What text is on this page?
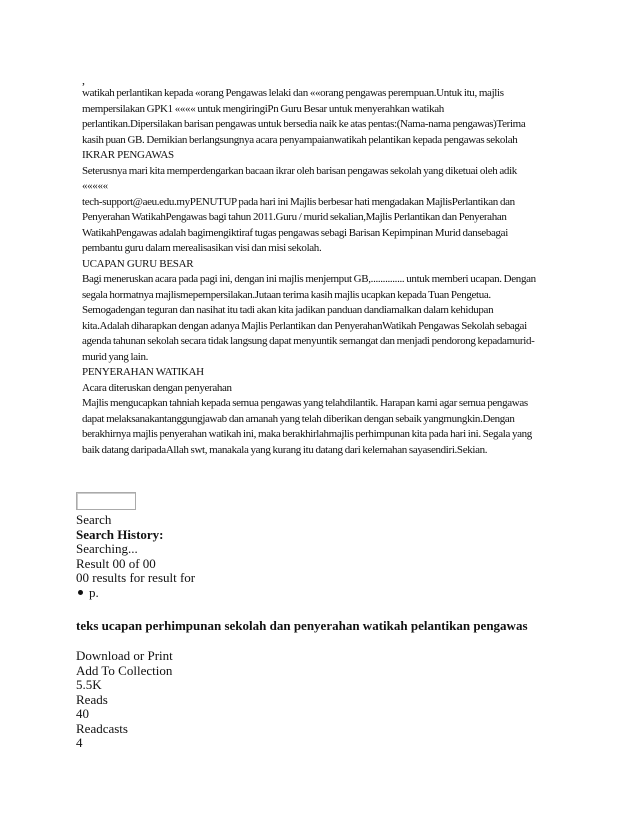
,
watikah perlantikan kepada «orang Pengawas lelaki dan ««orang pengawas perempuan.Untuk itu, majlis
mempersilakan GPK1 «««« untuk mengiringiPn Guru Besar untuk menyerahkan watikah
perlantikan.Dipersilakan barisan pengawas untuk bersedia naik ke atas pentas:(Nama-nama pengawas)Terima
kasih puan GB. Demikian berlangsungnya acara penyampaianwatikah pelantikan kepada pengawas sekolah
IKRAR PENGAWAS
Seterusnya mari kita memperdengarkan bacaan ikrar oleh barisan pengawas sekolah yang diketuai oleh adik
«««««
tech-support@aeu.edu.myPENUTUP pada hari ini Majlis berbesar hati mengadakan MajlisPerlantikan dan
Penyerahan WatikahPengawas bagi tahun 2011.Guru / murid sekalian,Majlis Perlantikan dan Penyerahan
WatikahPengawas adalah bagimengiktiraf tugas pengawas sebagi Barisan Kepimpinan Murid dansebagai
pembantu guru dalam merealisasikan visi dan misi sekolah.
UCAPAN GURU BESAR
Bagi meneruskan acara pada pagi ini, dengan ini majlis menjemput GB,.............. untuk memberi ucapan. Dengan
segala hormatnya majlismepempersilakan.Jutaan terima kasih majlis ucapkan kepada Tuan Pengetua.
Semogadengan teguran dan nasihat itu tadi akan kita jadikan panduan dandiamalkan dalam kehidupan
kita.Adalah diharapkan dengan adanya Majlis Perlantikan dan PenyerahanWatikah Pengawas Sekolah sebagai
agenda tahunan sekolah secara tidak langsung dapat menyuntik semangat dan menjadi pendorong kepadamurid-
murid yang lain.
PENYERAHAN WATIKAH
Acara diteruskan dengan penyerahan
Majlis mengucapkan tahniah kepada semua pengawas yang telahdilantik. Harapan kami agar semua pengawas
dapat melaksanakantanggungjawab dan amanah yang telah diberikan dengan sebaik yangmungkin.Dengan
berakhirnya majlis penyerahan watikah ini, maka berakhirlahmajlis perhimpunan kita pada hari ini. Segala yang
baik datang daripadaAllah swt, manakala yang kurang itu datang dari kelemahan sayasendiri.Sekian.
Search
Search History:
Searching...
Result 00 of 00
00 results for result for
p.
teks ucapan perhimpunan sekolah dan penyerahan watikah pelantikan pengawas
Download or Print
Add To Collection
5.5K
Reads
40
Readcasts
4
